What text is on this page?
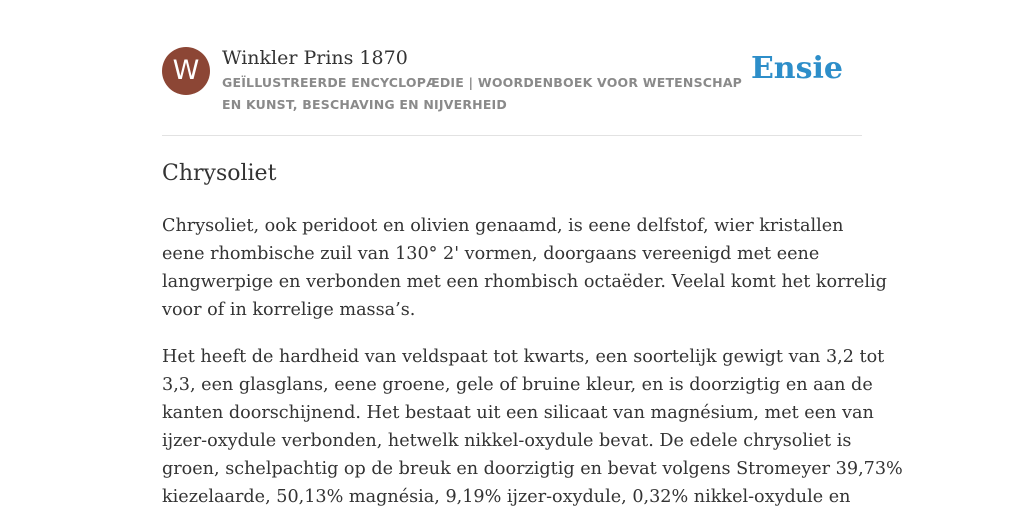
W	Winkler Prins 1870
GEÏLLUSTREERDE ENCYCLOPÆDIE | WOORDENBOEK VOOR WETENSCHAP EN KUNST, BESCHAVING EN NIJVERHEID
Ensie
Chrysoliet

Chrysoliet, ook peridoot en olivien genaamd, is eene delfstof, wier kristallen
eene rhombische zuil van 130° 2' vormen, doorgaans vereenigd met eene
langwerpige en verbonden met een rhombisch octaëder. Veelal komt het korrelig
voor of in korrelige massa’s.

Het heeft de hardheid van veldspaat tot kwarts, een soortelijk gewigt van 3,2 tot
3,3, een glasglans, eene groene, gele of bruine kleur, en is doorzigtig en aan de
kanten doorschijnend. Het bestaat uit een silicaat van magnésium, met een van
ijzer-oxydule verbonden, hetwelk nikkel-oxydule bevat. De edele chrysoliet is
groen, schelpachtig op de breuk en doorzigtig en bevat volgens Stromeyer 39,73%
kiezelaarde, 50,13% magnésia, 9,19% ijzer-oxydule, 0,32% nikkel-oxydule en
